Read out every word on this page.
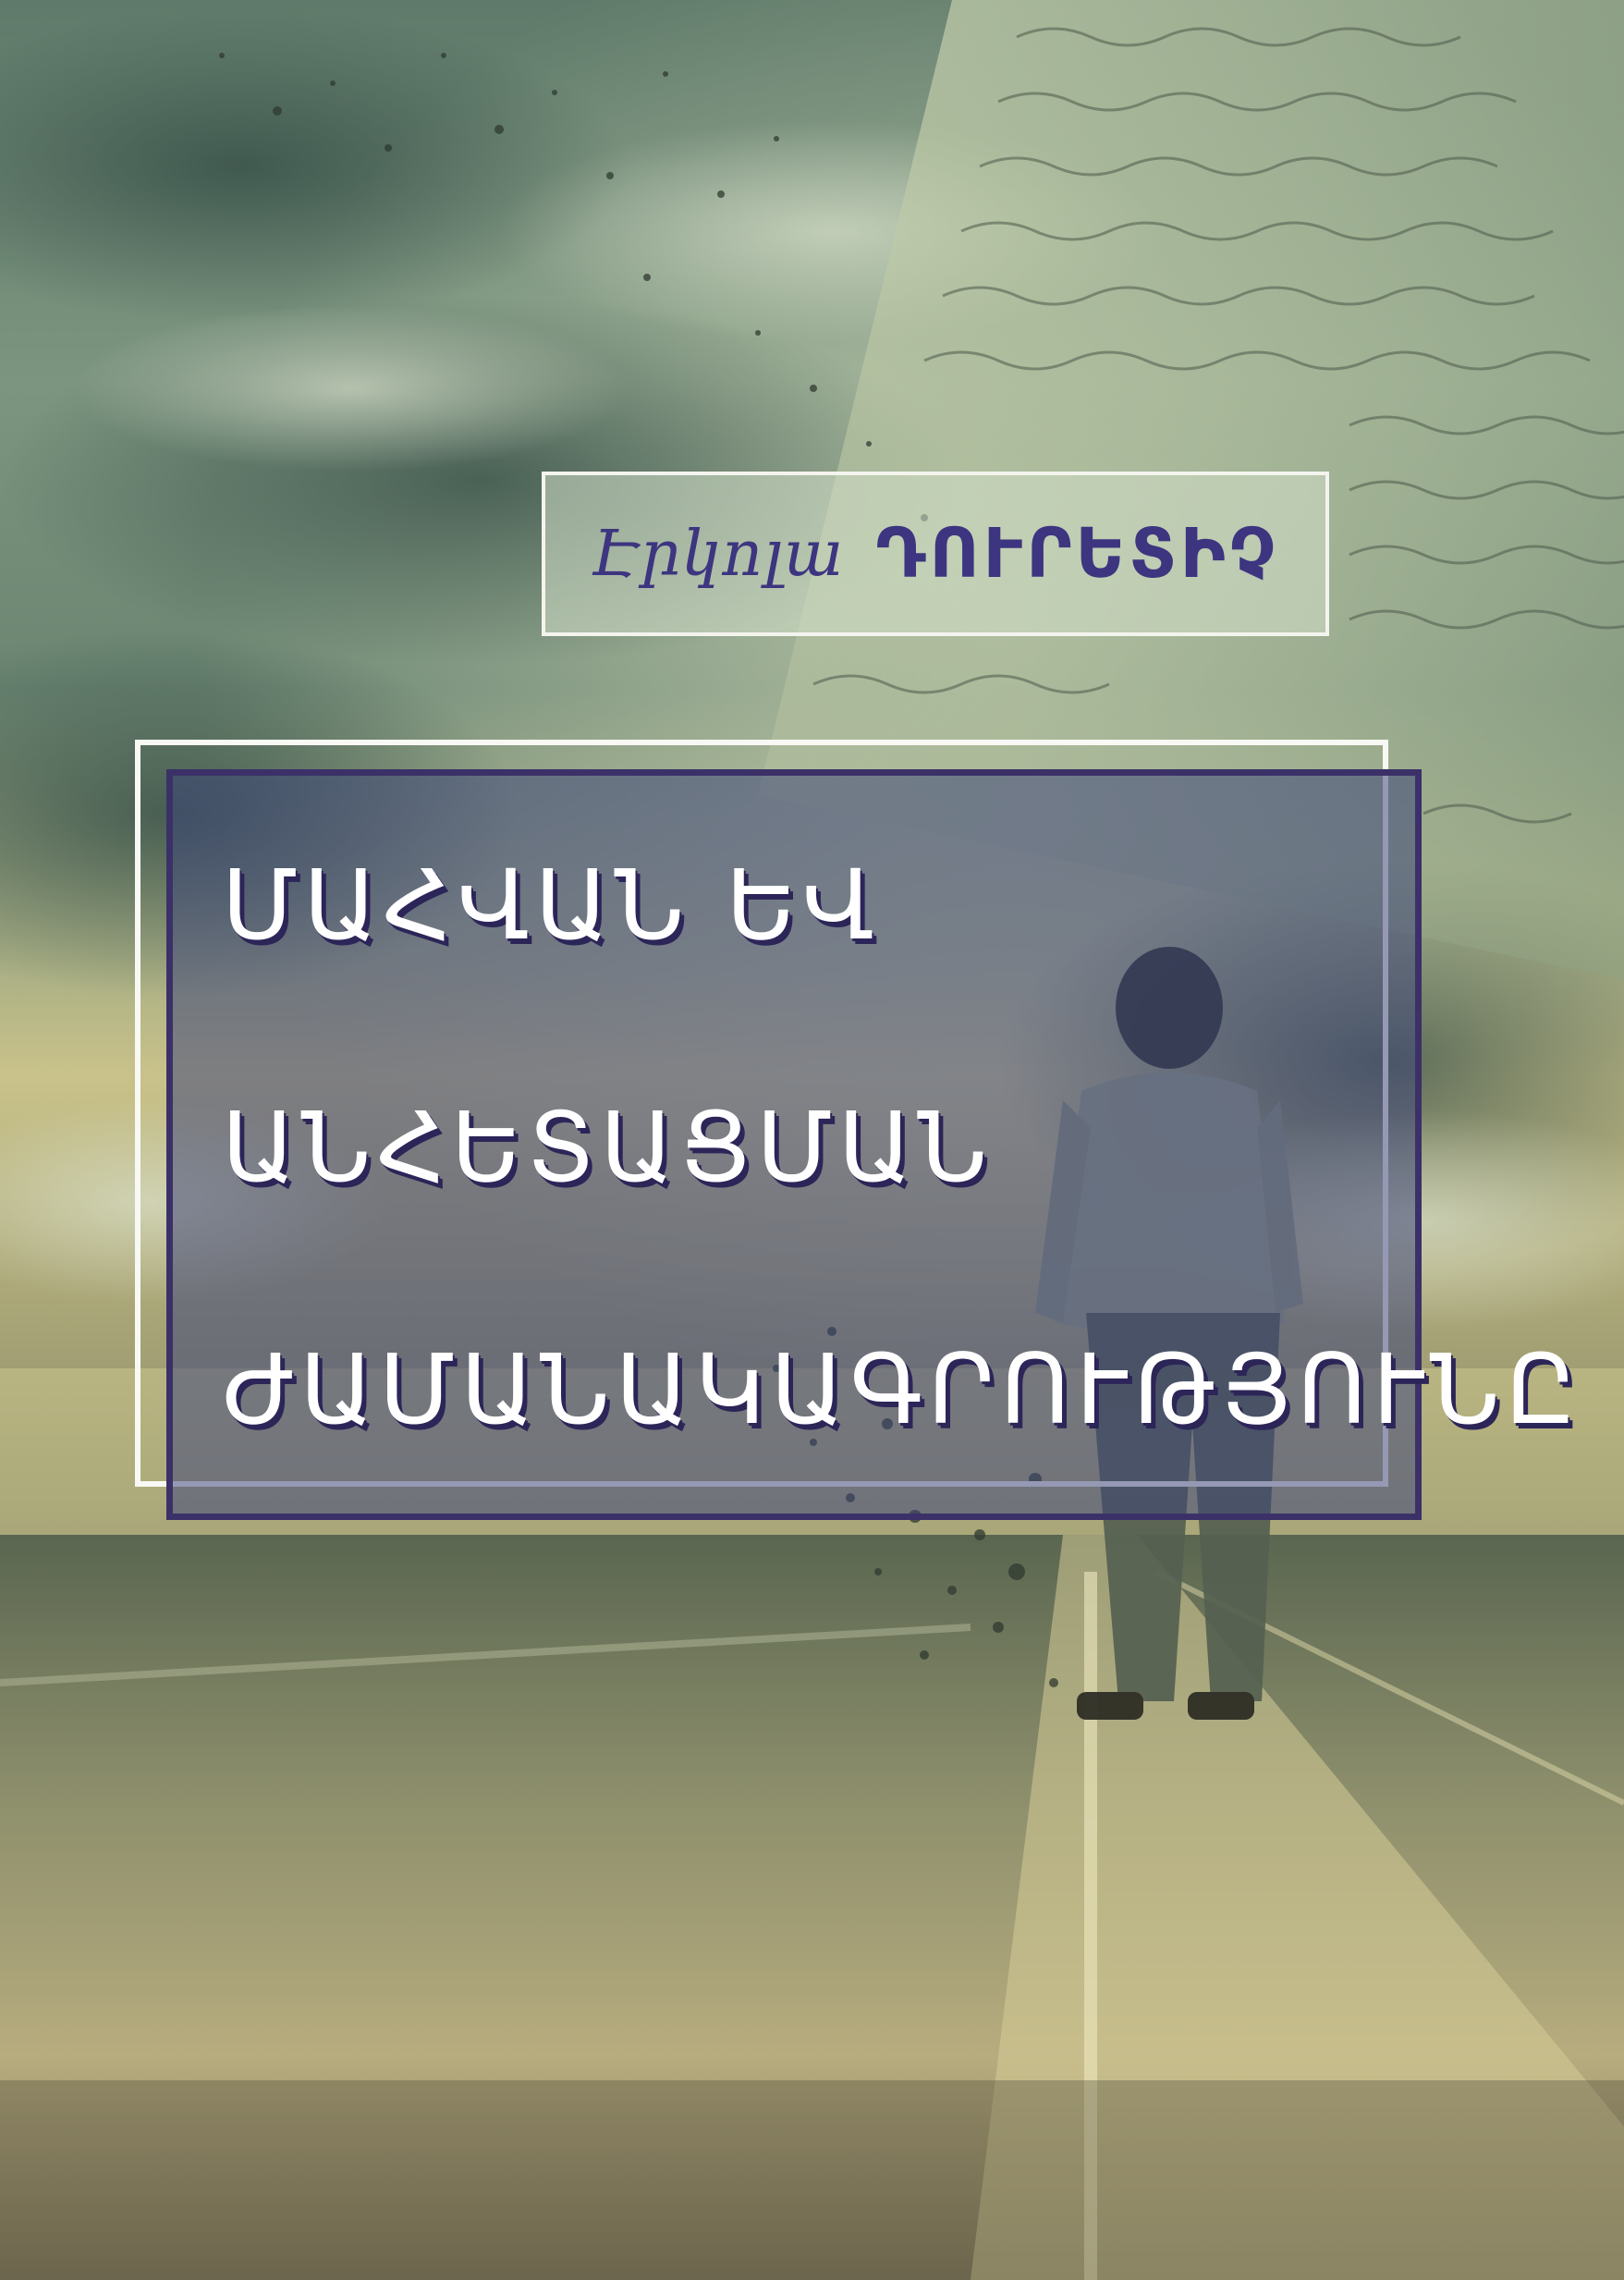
Էրկոլա ԴՈՒՐԵՏԻՉ
ՄԱՀՎԱՆ ԵՎ
ԱՆՀԵՏԱՑՄԱՆ
ԺԱՄԱՆԱԿԱԳՐՈՒԹՅՈՒՆԸ
